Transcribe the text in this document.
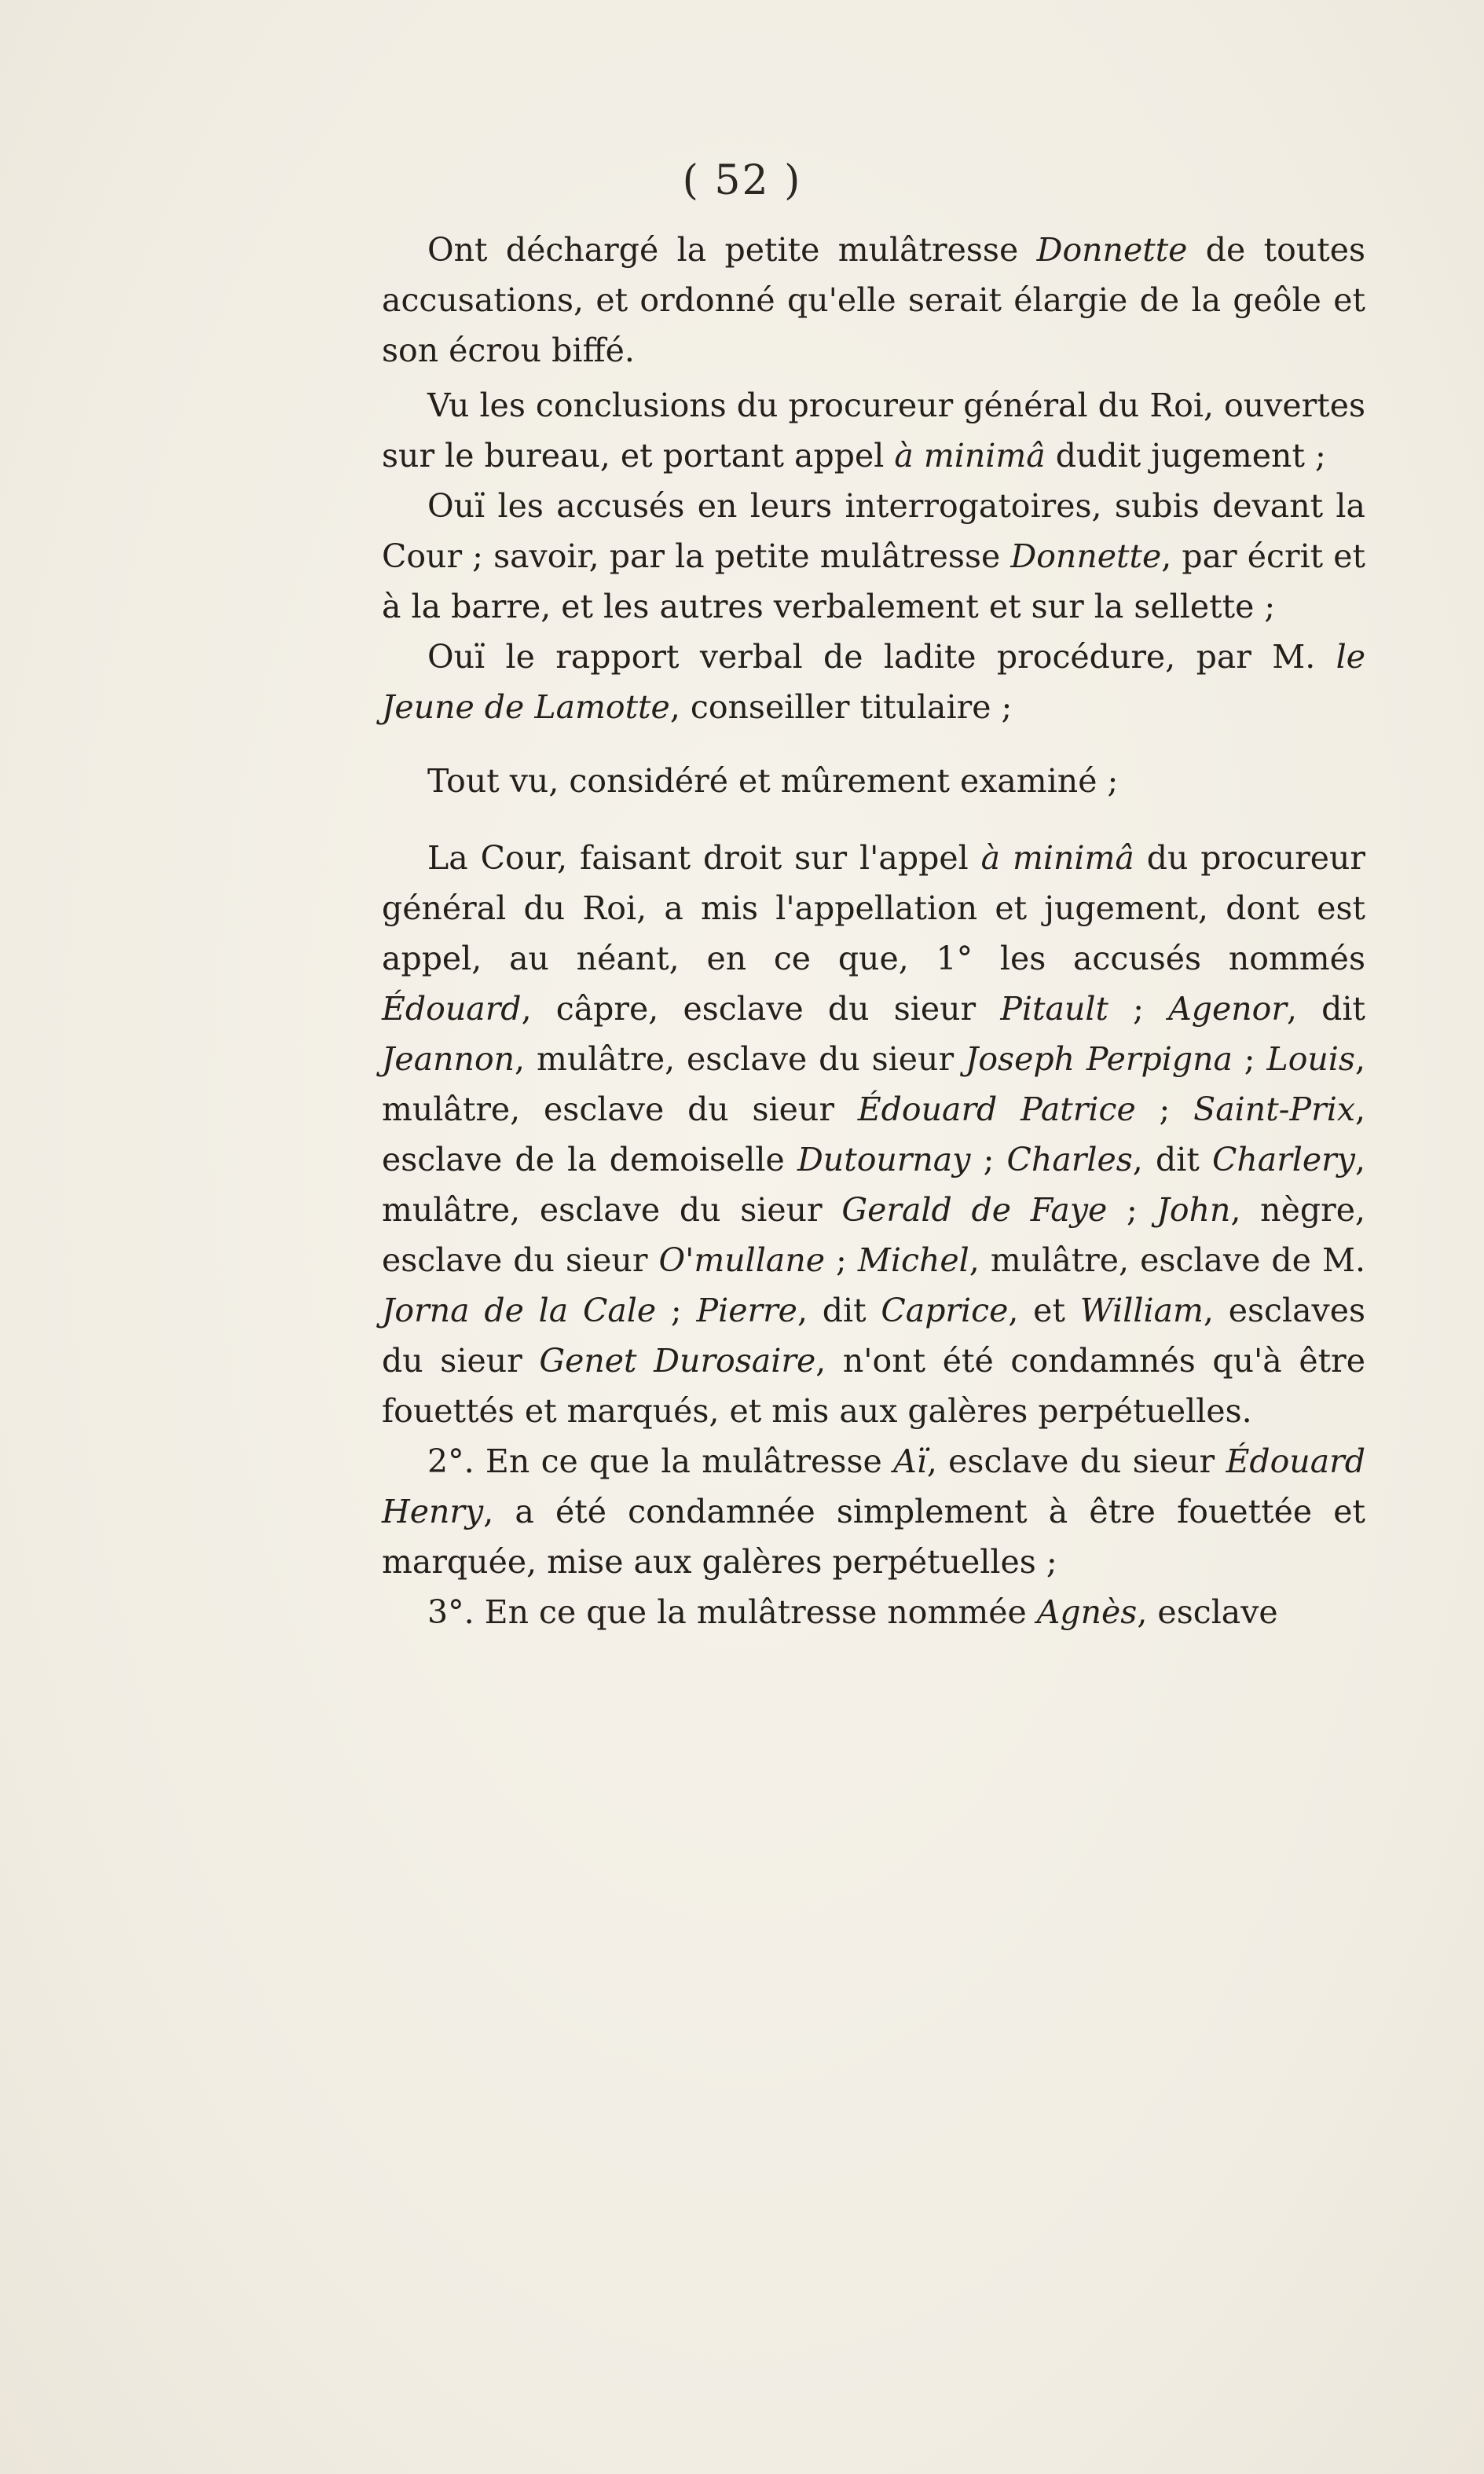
( 52 )

Ont déchargé la petite mulâtresse Donnette de toutes accusations, et ordonné qu'elle serait élargie de la geôle et son écrou biffé.

Vu les conclusions du procureur général du Roi, ouvertes sur le bureau, et portant appel à minimâ dudit jugement ;

Ouï les accusés en leurs interrogatoires, subis devant la Cour ; savoir, par la petite mulâtresse Donnette, par écrit et à la barre, et les autres verbalement et sur la sellette ;

Ouï le rapport verbal de ladite procédure, par M. le Jeune de Lamotte, conseiller titulaire ;

Tout vu, considéré et mûrement examiné ;

La Cour, faisant droit sur l'appel à minimâ du procureur général du Roi, a mis l'appellation et jugement, dont est appel, au néant, en ce que, 1° les accusés nommés Édouard, câpre, esclave du sieur Pitault ; Agenor, dit Jeannon, mulâtre, esclave du sieur Joseph Perpigna ; Louis, mulâtre, esclave du sieur Édouard Patrice ; Saint-Prix, esclave de la demoiselle Dutournay ; Charles, dit Charlery, mulâtre, esclave du sieur Gerald de Faye ; John, nègre, esclave du sieur O'mullane ; Michel, mulâtre, esclave de M. Jorna de la Cale ; Pierre, dit Caprice, et William, esclaves du sieur Genet Durosaire, n'ont été condamnés qu'à être fouettés et marqués, et mis aux galères perpétuelles.

2°. En ce que la mulâtresse Aï, esclave du sieur Édouard Henry, a été condamnée simplement à être fouettée et marquée, mise aux galères perpétuelles ;

3°. En ce que la mulâtresse nommée Agnès, esclave
